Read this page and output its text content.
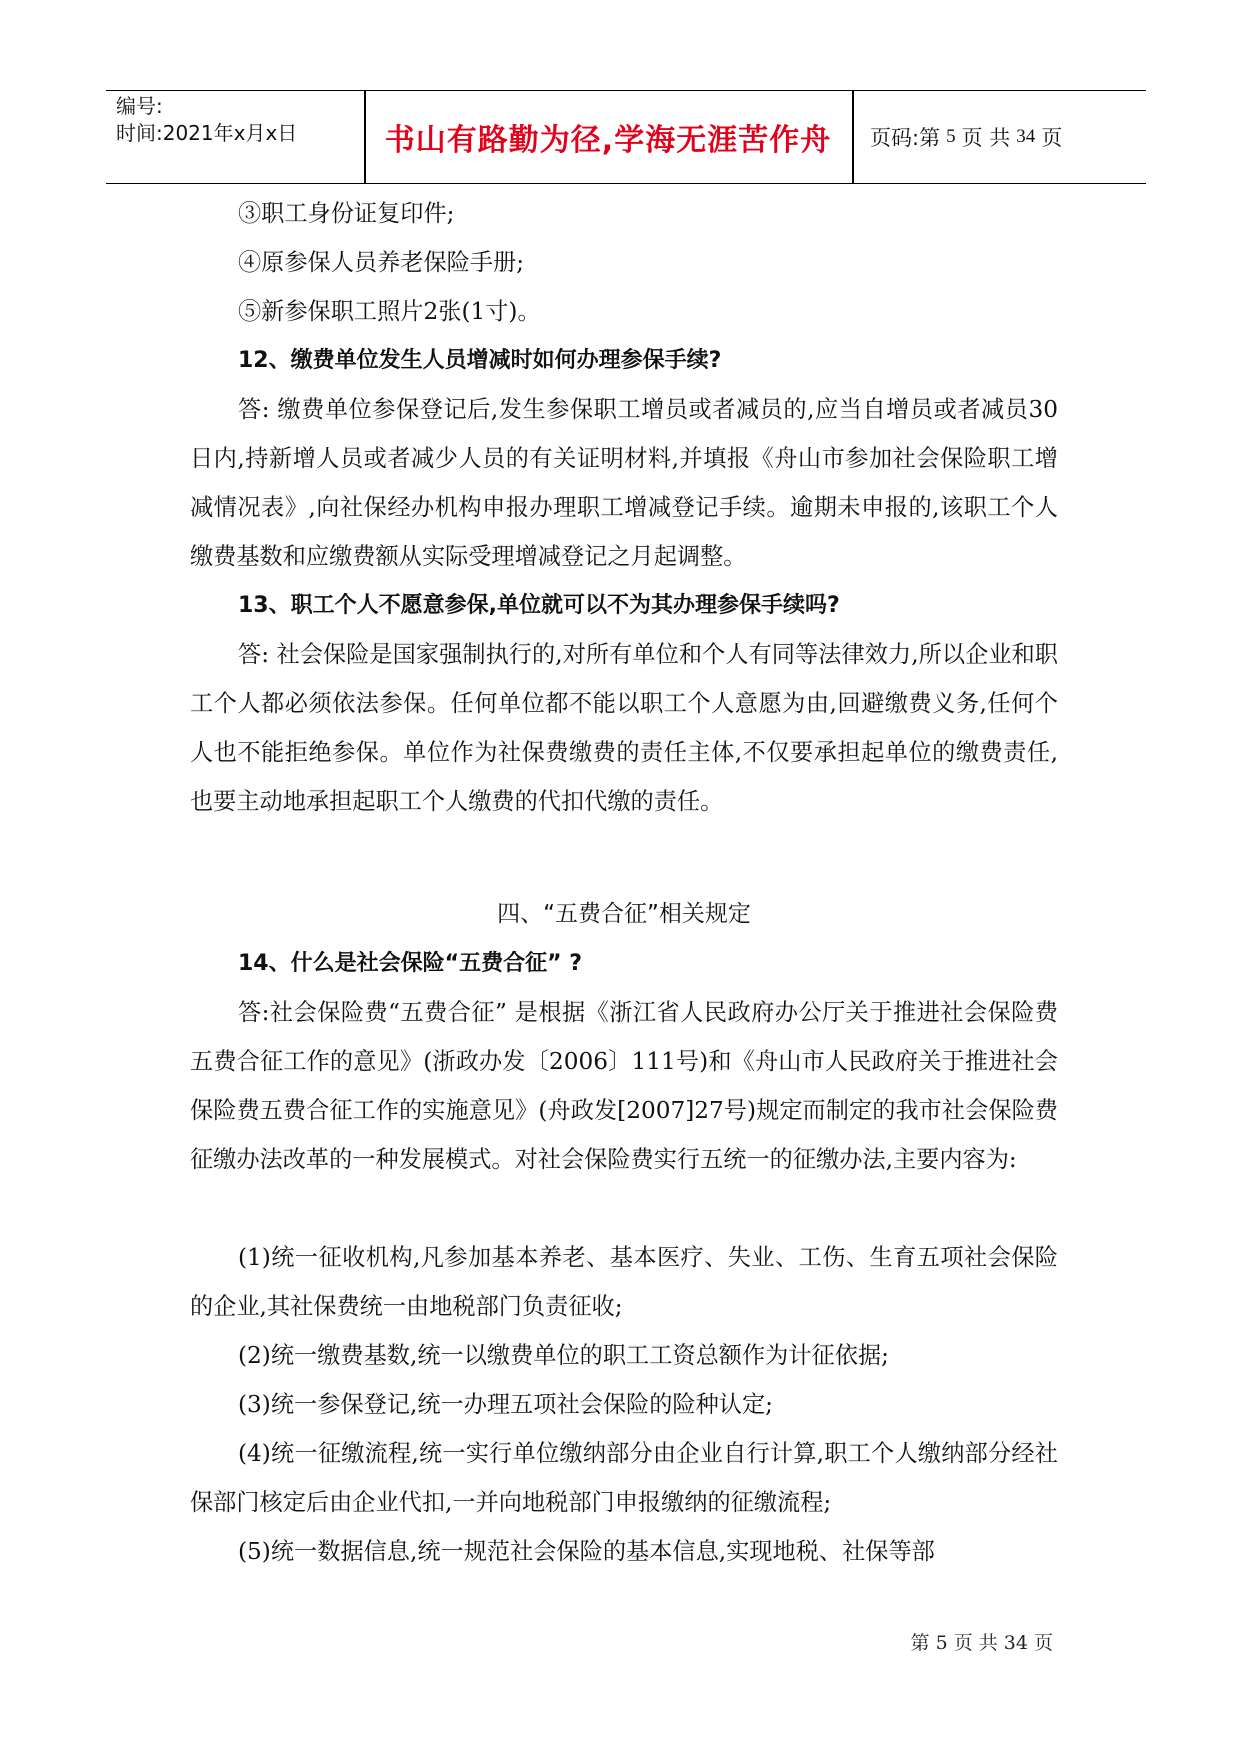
编号:
时间:2021年x月x日	书山有路勤为径,学海无涯苦作舟	页码:第 5 页 共 34 页
③职工身份证复印件;
④原参保人员养老保险手册;
⑤新参保职工照片2张(1寸)。
12、缴费单位发生人员增减时如何办理参保手续?
答: 缴费单位参保登记后,发生参保职工增员或者减员的,应当自增员或者减员30日内,持新增人员或者减少人员的有关证明材料,并填报《舟山市参加社会保险职工增减情况表》,向社保经办机构申报办理职工增减登记手续。逾期未申报的,该职工个人缴费基数和应缴费额从实际受理增减登记之月起调整。
13、职工个人不愿意参保,单位就可以不为其办理参保手续吗?
答: 社会保险是国家强制执行的,对所有单位和个人有同等法律效力,所以企业和职工个人都必须依法参保。任何单位都不能以职工个人意愿为由,回避缴费义务,任何个人也不能拒绝参保。单位作为社保费缴费的责任主体,不仅要承担起单位的缴费责任,也要主动地承担起职工个人缴费的代扣代缴的责任。
四、“五费合征”相关规定
14、什么是社会保险“五费合征” ?
答:社会保险费“五费合征” 是根据《浙江省人民政府办公厅关于推进社会保险费五费合征工作的意见》(浙政办发〔2006〕111号)和《舟山市人民政府关于推进社会保险费五费合征工作的实施意见》(舟政发[2007]27号)规定而制定的我市社会保险费征缴办法改革的一种发展模式。对社会保险费实行五统一的征缴办法,主要内容为:
(1)统一征收机构,凡参加基本养老、基本医疗、失业、工伤、生育五项社会保险的企业,其社保费统一由地税部门负责征收;
(2)统一缴费基数,统一以缴费单位的职工工资总额作为计征依据;
(3)统一参保登记,统一办理五项社会保险的险种认定;
(4)统一征缴流程,统一实行单位缴纳部分由企业自行计算,职工个人缴纳部分经社保部门核定后由企业代扣,一并向地税部门申报缴纳的征缴流程;
(5)统一数据信息,统一规范社会保险的基本信息,实现地税、社保等部
第 5 页 共 34 页
